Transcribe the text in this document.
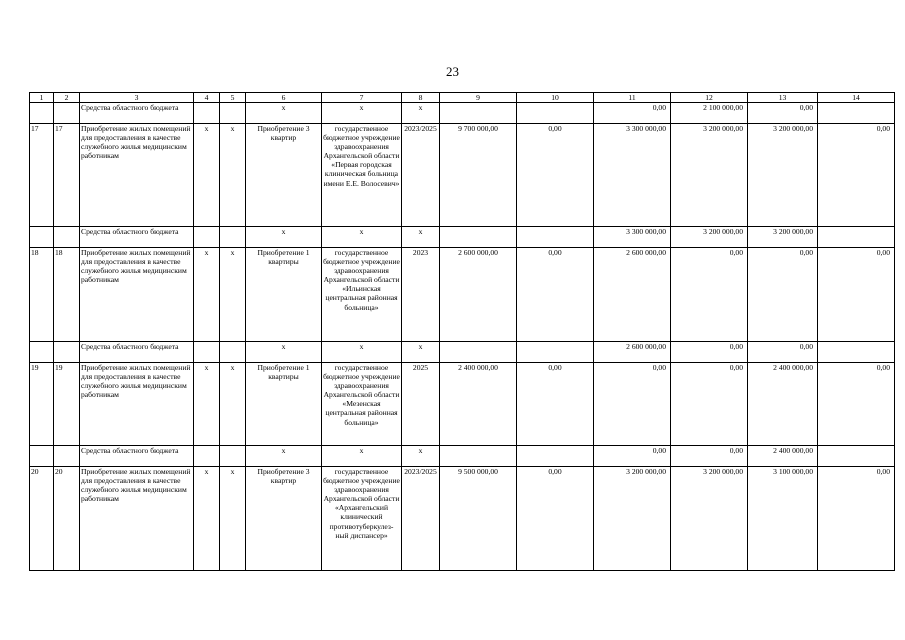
23
1	2	3	4	5	6	7	8	9	10	11	12	13	14
		Средства областного бюджета			х	х	х			0,00	2 100 000,00	0,00	
17	17	Приобретение жилых помещений для предоставления в качестве служебного жилья медицинским работникам	х	х	Приобретение 3 квартир	государственное бюджетное учреждение здравоохранения Архангельской области «Первая городская клиническая больница имени Е.Е. Волосевич»	2023/2025	9 700 000,00	0,00	3 300 000,00	3 200 000,00	3 200 000,00	0,00
		Средства областного бюджета			х	х	х			3 300 000,00	3 200 000,00	3 200 000,00	
18	18	Приобретение жилых помещений для предоставления в качестве служебного жилья медицинским работникам	х	х	Приобретение 1 квартиры	государственное бюджетное учреждение здравоохранения Архангельской области «Ильинская центральная районная больница»	2023	2 600 000,00	0,00	2 600 000,00	0,00	0,00	0,00
		Средства областного бюджета			х	х	х			2 600 000,00	0,00	0,00	
19	19	Приобретение жилых помещений для предоставления в качестве служебного жилья медицинским работникам	х	х	Приобретение 1 квартиры	государственное бюджетное учреждение здравоохранения Архангельской области «Мезенская центральная районная больница»	2025	2 400 000,00	0,00	0,00	0,00	2 400 000,00	0,00
		Средства областного бюджета			х	х	х			0,00	0,00	2 400 000,00	
20	20	Приобретение жилых помещений для предоставления в качестве служебного жилья медицинским работникам	х	х	Приобретение 3 квартир	государственное бюджетное учреждение здравоохранения Архангельской области «Архангельский клинический противотуберкулез-ный диспансер»	2023/2025	9 500 000,00	0,00	3 200 000,00	3 200 000,00	3 100 000,00	0,00
